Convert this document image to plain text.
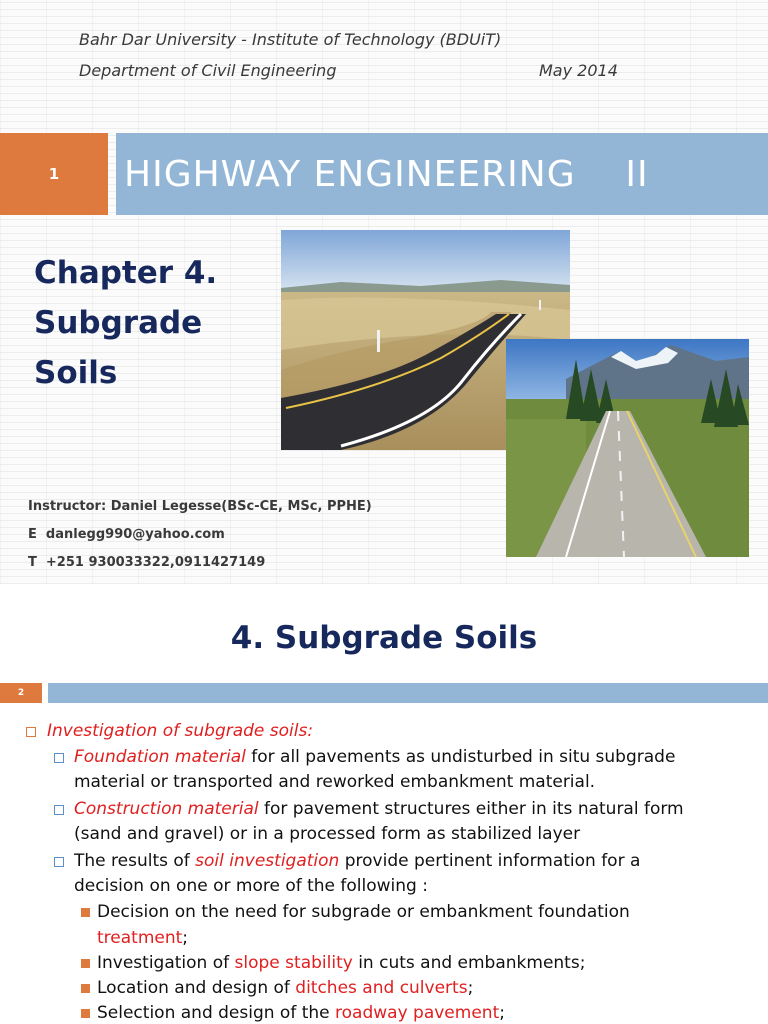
Bahr Dar University - Institute of Technology (BDUiT)
Department of Civil Engineering	May 2014
1 HIGHWAY ENGINEERING    II
Chapter 4.
Subgrade
Soils
Instructor: Daniel Legesse(BSc-CE, MSc, PPHE)
E  danlegg990@yahoo.com
T  +251 930033322,0911427149
4. Subgrade Soils
2
Investigation of subgrade soils:
Foundation material for all pavements as undisturbed in situ subgrade
material or transported and reworked embankment material.
Construction material for pavement structures either in its natural form
(sand and gravel) or in a processed form as stabilized layer
The results of soil investigation provide pertinent information for a
decision on one or more of the following :
Decision on the need for subgrade or embankment foundation
treatment;
Investigation of slope stability in cuts and embankments;
Location and design of ditches and culverts;
Selection and design of the roadway pavement;
